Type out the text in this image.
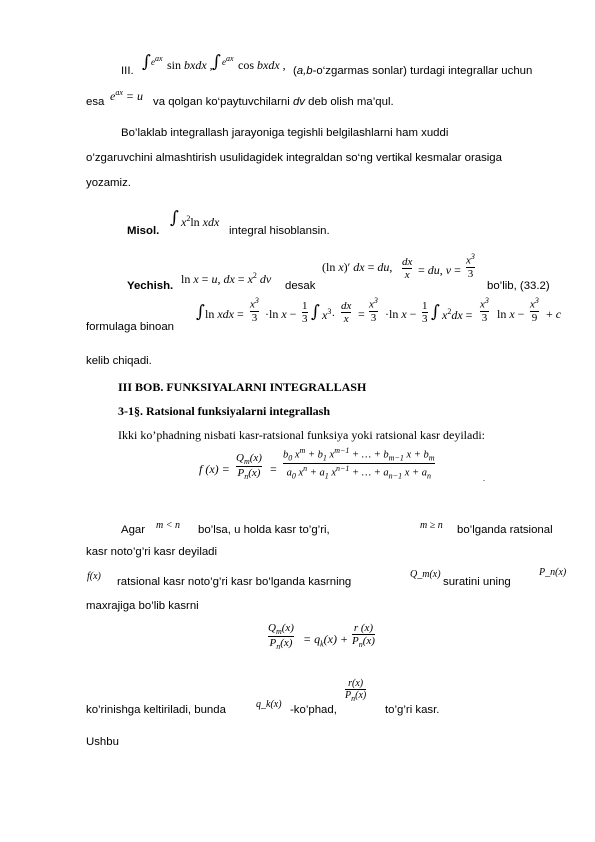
III. ∫ $e^{ax}$ sin bxdx , ∫ $e^{ax}$ cos bxdx , (a,b-o‘zgarmas sonlar) turdagi integrallar uchun
esa $e^{ax} = u$ va qolgan ko‘paytuvchilarni dv deb olish ma’qul.
Bo’laklab integrallash jarayoniga tegishli belgilashlarni ham xuddi
o’zgaruvchini almashtirish usulidagidek integraldan so‘ng vertikal kesmalar orasiga
yozamiz.
Misol.
∫ $x^2\ln$ xdx
integral hisoblansin.
Yechish. ln x = u, dx = $x^2$ dv desak
(ln x)′ dx = du, dx
x = du, v =
$x^3$
3
bo’lib, (33.2)
formulaga binoan
∫ ln xdx =
$x^3$
3 ·ln x −
1
3 ∫ $x^3\cdot$
dx
x =
$x^3$
3 ·ln x −
1
3 ∫ $x^2dx$ =
$x^3$
3 ln x −
$x^3$
9 + c
kelib chiqadi.
III BOB. FUNKSIYALARNI INTEGRALLASH
3-1§. Ratsional funksiyalarni integrallash
Ikki ko’phadning nisbati kasr-ratsional funksiya yoki ratsional kasr deyiladi:
f (x) =
$Q_m(x)$
$P_n(x)$ =
$b_0$ $x^m + b_1$ $x^{m-1}$ + … + $b_{m-1}$ $x + b_m$
$a_0$ $x^n + a_1$ $x^{n-1}$ + … + $a_{n-1}$ $x + a_n$	.
Agar m < n bo’lsa, u holda kasr to’g’ri,	m ≥ n bo’lganda ratsional
kasr noto’g’ri kasr deyiladi
f(x) ratsional kasr noto’g’ri kasr bo’lganda kasrning
Q_m(x)
suratini uning
P_n(x)
maxrajiga bo’lib kasrni
$Q_m(x)$
$P_n(x) = q_k(x)$ +
r (x)
$P_n(x)$
ko’rinishga keltiriladi, bunda	q_k(x) -ko’phad,
r(x)
$P_n(x)$
to’g’ri kasr.
Ushbu
